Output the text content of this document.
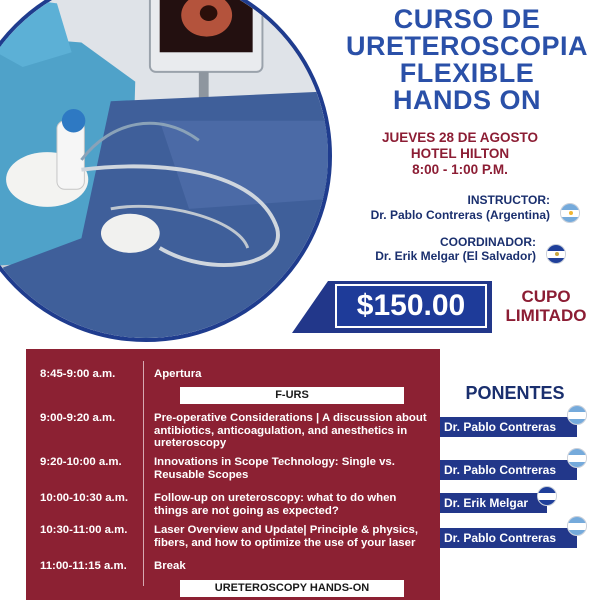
CURSO DE
URETEROSCOPIA
FLEXIBLE
HANDS ON
JUEVES 28 DE AGOSTO
HOTEL HILTON
8:00 - 1:00 P.M.
INSTRUCTOR:
Dr. Pablo Contreras (Argentina)
COORDINADOR:
Dr. Erik Melgar (El Salvador)
$150.00	CUPO
LIMITADO
8:45-9:00 a.m.	Apertura
F-URS
9:00-9:20 a.m.	Pre-operative Considerations | A discussion about antibiotics, anticoagulation, and anesthetics in ureteroscopy
9:20-10:00 a.m.	Innovations in Scope Technology: Single vs. Reusable Scopes
10:00-10:30 a.m. Follow-up on ureteroscopy: what to do when things are not going as expected?
10:30-11:00 a.m. Laser Overview and Update| Principle & physics, fibers, and how to optimize the use of your laser
11:00-11:15 a.m. Break
URETEROSCOPY HANDS-ON
PONENTES
Dr. Pablo Contreras
Dr. Pablo Contreras
Dr. Erik Melgar
Dr. Pablo Contreras
